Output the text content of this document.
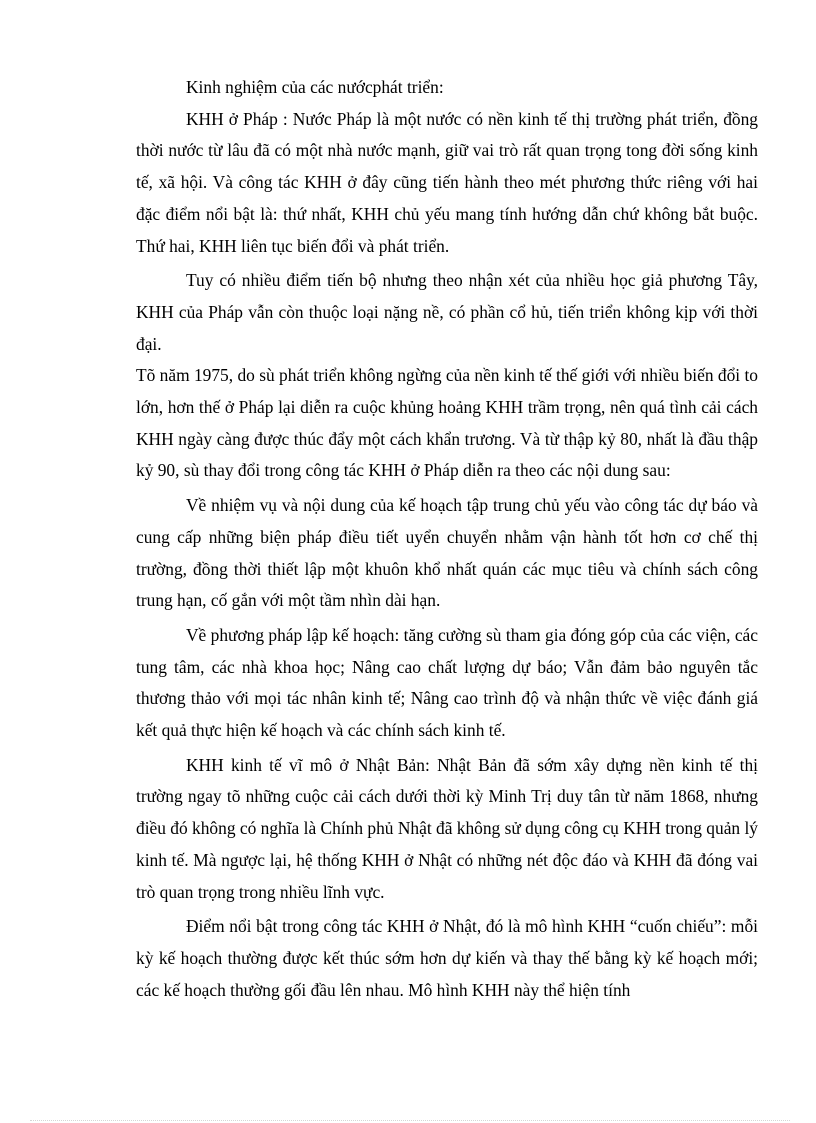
Kinh nghiệm của các nướcphát triển:

KHH ở Pháp : Nước Pháp là một nước có nền kinh tế thị trường phát triển, đồng thời nước từ lâu đã có một nhà nước mạnh, giữ vai trò rất quan trọng tong đời sống kinh tế, xã hội. Và công tác KHH ở đây cũng tiến hành theo mét phương thức riêng với hai đặc điểm nổi bật là: thứ nhất, KHH chủ yếu mang tính hướng dẫn chứ không bắt buộc. Thứ hai, KHH liên tục biến đổi và phát triển.

Tuy có nhiều điểm tiến bộ nhưng theo nhận xét của nhiều học giả phương Tây, KHH của Pháp vẫn còn thuộc loại nặng nề, có phần cổ hủ, tiến triển không kịp với thời đại.

Tõ năm 1975, do sù phát triển không ngừng của nền kinh tế thế giới với nhiều biến đổi to lớn, hơn thế ở Pháp lại diễn ra cuộc khủng hoảng KHH trầm trọng, nên quá tình cải cách KHH ngày càng được thúc đẩy một cách khẩn trương. Và từ thập kỷ 80, nhất là đầu thập kỷ 90, sù thay đổi trong công tác KHH ở Pháp diễn ra theo các nội dung sau:

Về nhiệm vụ và nội dung của kế hoạch tập trung chủ yếu vào công tác dự báo và cung cấp những biện pháp điều tiết uyển chuyển nhằm vận hành tốt hơn cơ chế thị trường, đồng thời thiết lập một khuôn khổ nhất quán các mục tiêu và chính sách công trung hạn, cố gắn với một tầm nhìn dài hạn.

Về phương pháp lập kế hoạch: tăng cường sù tham gia đóng góp của các viện, các tung tâm, các nhà khoa học; Nâng cao chất lượng dự báo; Vẫn đảm bảo nguyên tắc thương thảo với mọi tác nhân kinh tế; Nâng cao trình độ và nhận thức về việc đánh giá kết quả thực hiện kế hoạch và các chính sách kinh tế.

KHH kinh tế vĩ mô ở Nhật Bản: Nhật Bản đã sớm xây dựng nền kinh tế thị trường ngay tõ những cuộc cải cách dưới thời kỳ Minh Trị duy tân từ năm 1868, nhưng điều đó không có nghĩa là Chính phủ Nhật đã không sử dụng công cụ KHH trong quản lý kinh tế. Mà ngược lại, hệ thống KHH ở Nhật có những nét độc đáo và KHH đã đóng vai trò quan trọng trong nhiều lĩnh vực.

Điểm nổi bật trong công tác KHH ở Nhật, đó là mô hình KHH “cuốn chiếu”: mỗi kỳ kế hoạch thường được kết thúc sớm hơn dự kiến và thay thế bằng kỳ kế hoạch mới; các kế hoạch thường gối đầu lên nhau. Mô hình KHH này thể hiện tính
